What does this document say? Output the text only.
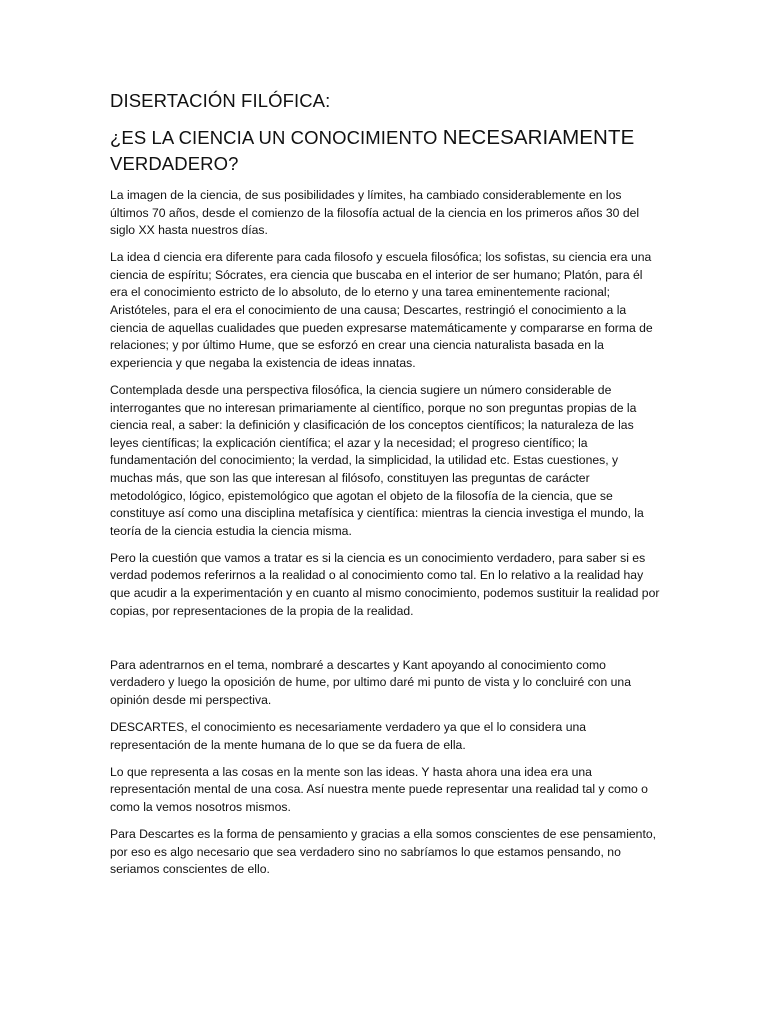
DISERTACIÓN FILÓFICA:
¿ES LA CIENCIA UN CONOCIMIENTO NECESARIAMENTE
VERDADERO?

La imagen de la ciencia, de sus posibilidades y límites, ha cambiado considerablemente en los últimos 70 años, desde el comienzo de la filosofía actual de la ciencia en los primeros años 30 del siglo XX hasta nuestros días.

La idea d ciencia era diferente para cada filosofo y escuela filosófica; los sofistas, su ciencia era una ciencia de espíritu; Sócrates, era ciencia que buscaba en el interior de ser humano; Platón, para él era el conocimiento estricto de lo absoluto, de lo eterno y una tarea eminentemente racional; Aristóteles, para el era el conocimiento de una causa; Descartes, restringió el conocimiento a la ciencia de aquellas cualidades que pueden expresarse matemáticamente y compararse en forma de relaciones; y por último Hume, que se esforzó en crear una ciencia naturalista basada en la experiencia y que negaba la existencia de ideas innatas.

Contemplada desde una perspectiva filosófica, la ciencia sugiere un número considerable de interrogantes que no interesan primariamente al científico, porque no son preguntas propias de la ciencia real, a saber: la definición y clasificación de los conceptos científicos; la naturaleza de las leyes científicas; la explicación científica; el azar y la necesidad; el progreso científico; la fundamentación del conocimiento; la verdad, la simplicidad, la utilidad etc. Estas cuestiones, y muchas más, que son las que interesan al filósofo, constituyen las preguntas de carácter metodológico, lógico, epistemológico que agotan el objeto de la filosofía de la ciencia, que se constituye así como una disciplina metafísica y científica: mientras la ciencia investiga el mundo, la teoría de la ciencia estudia la ciencia misma.

Pero la cuestión que vamos a tratar es si la ciencia es un conocimiento verdadero, para saber si es verdad podemos referirnos a la realidad o al conocimiento como tal. En lo relativo a la realidad hay que acudir a la experimentación y en cuanto al mismo conocimiento, podemos sustituir la realidad por copias, por representaciones de la propia de la realidad.

Para adentrarnos en el tema, nombraré a descartes y Kant apoyando al conocimiento como verdadero y luego la oposición de hume, por ultimo daré mi punto de vista y lo concluiré con una opinión desde mi perspectiva.

DESCARTES, el conocimiento es necesariamente verdadero ya que el lo considera una representación de la mente humana de lo que se da fuera de ella.

Lo que representa a las cosas en la mente son las ideas. Y hasta ahora una idea era una representación mental de una cosa. Así nuestra mente puede representar una realidad tal y como o como la vemos nosotros mismos.

Para Descartes es la forma de pensamiento y gracias a ella somos conscientes de ese pensamiento, por eso es algo necesario que sea verdadero sino no sabríamos lo que estamos pensando, no seriamos conscientes de ello.
